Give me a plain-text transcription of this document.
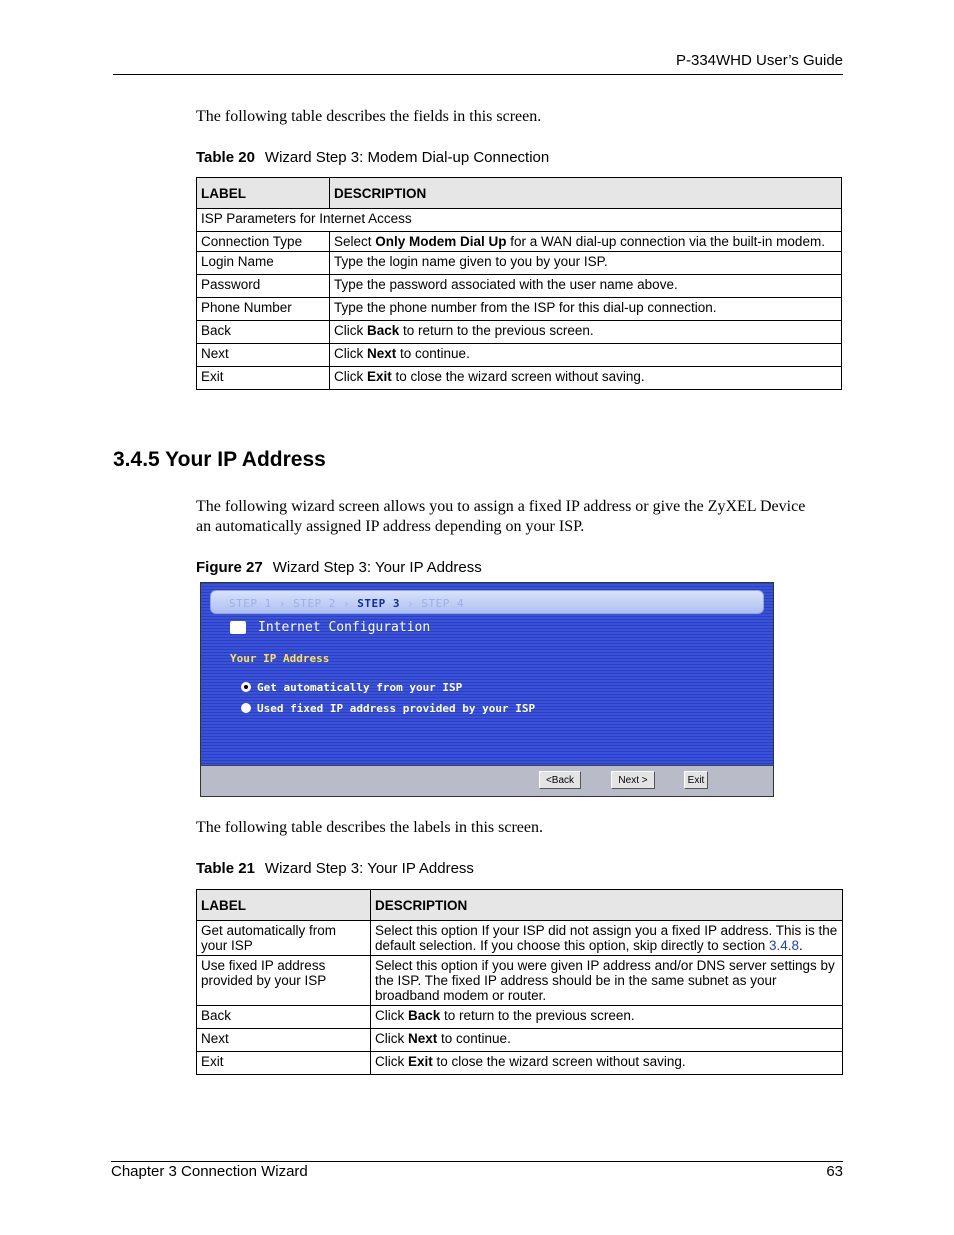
P-334WHD User’s Guide
The following table describes the fields in this screen.
Table 20 Wizard Step 3: Modem Dial-up Connection
LABEL	DESCRIPTION
ISP Parameters for Internet Access	
Connection Type	Select Only Modem Dial Up for a WAN dial-up connection via the built-in modem.
Login Name	Type the login name given to you by your ISP.
Password	Type the password associated with the user name above.
Phone Number	Type the phone number from the ISP for this dial-up connection.
Back	Click Back to return to the previous screen.
Next	Click Next to continue.
Exit	Click Exit to close the wizard screen without saving.
3.4.5 Your IP Address
The following wizard screen allows you to assign a fixed IP address or give the ZyXEL Device an automatically assigned IP address depending on your ISP.
Figure 27 Wizard Step 3: Your IP Address
STEP 1 › STEP 2 › STEP 3 › STEP 4
Internet Configuration
Your IP Address
Get automatically from your ISP
Used fixed IP address provided by your ISP
<Back	Next >	Exit
The following table describes the labels in this screen.
Table 21 Wizard Step 3: Your IP Address
LABEL	DESCRIPTION
Get automatically from your ISP	Select this option If your ISP did not assign you a fixed IP address. This is the default selection. If you choose this option, skip directly to section 3.4.8.
Use fixed IP address provided by your ISP	Select this option if you were given IP address and/or DNS server settings by the ISP. The fixed IP address should be in the same subnet as your broadband modem or router.
Back	Click Back to return to the previous screen.
Next	Click Next to continue.
Exit	Click Exit to close the wizard screen without saving.
Chapter 3 Connection Wizard	63
